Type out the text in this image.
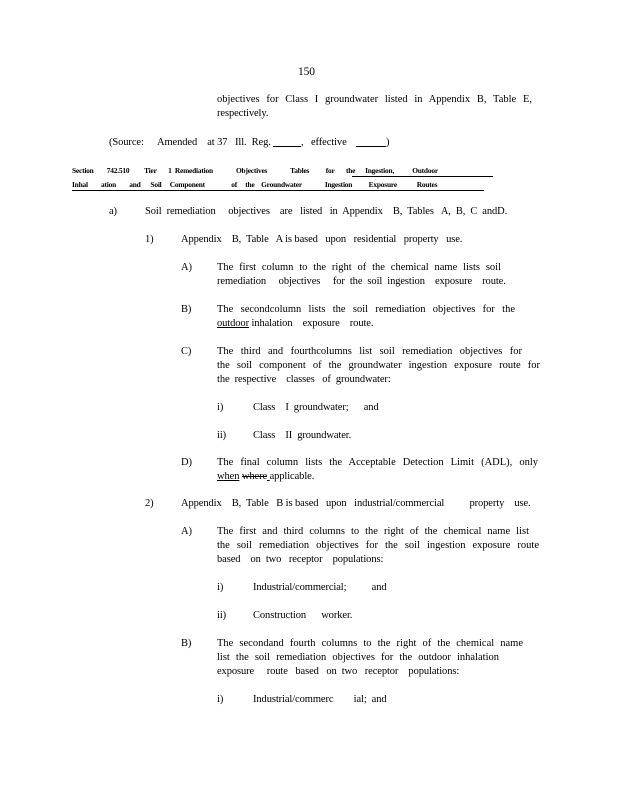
150
objectives for Class I groundwater listed in Appendix B, Table E,
respectively.
(Source: Amended    at 37   Ill.  Reg.	, effective	)
Section        742.510         Tier       1  Remediation              Objectives              Tables          for       the      Ingestion,           Outdoor
Inhal        ation        and      Soil     Component                of     the    Groundwater              Ingestion          Exposure            Routes
a)	Soil  remediation     objectives    are   listed   in  Appendix    B,  Tables   A,  B,  C  andD.
1)	Appendix    B,  Table   A is based   upon   residential   property   use.
A) The first column to the right of the chemical name lists soil
remediation     objectives     for  the  soil  ingestion    exposure    route.
B) The secondcolumn lists the soil remediation objectives for the
outdoor inhalation    exposure    route.
C) The third and fourthcolumns list soil remediation objectives for
the soil component of the groundwater ingestion exposure route for
the  respective    classes   of  groundwater:
i)	Class    I  groundwater;      and
ii)	Class    II  groundwater.
D) The final column lists the Acceptable Detection Limit (ADL), only
when where applicable.
2)	Appendix    B,  Table   B is based   upon   industrial/commercial          property    use.
A) The first and third columns to the right of the chemical name list
the soil remediation objectives for the soil ingestion exposure route
based    on  two   receptor    populations:
i)	Industrial/commercial;          and
ii)	Construction      worker.
B) The secondand fourth columns to the right of the chemical name
list the soil remediation objectives for the outdoor inhalation
exposure     route   based   on  two   receptor    populations:
i)	Industrial/commerc        ial;  and
